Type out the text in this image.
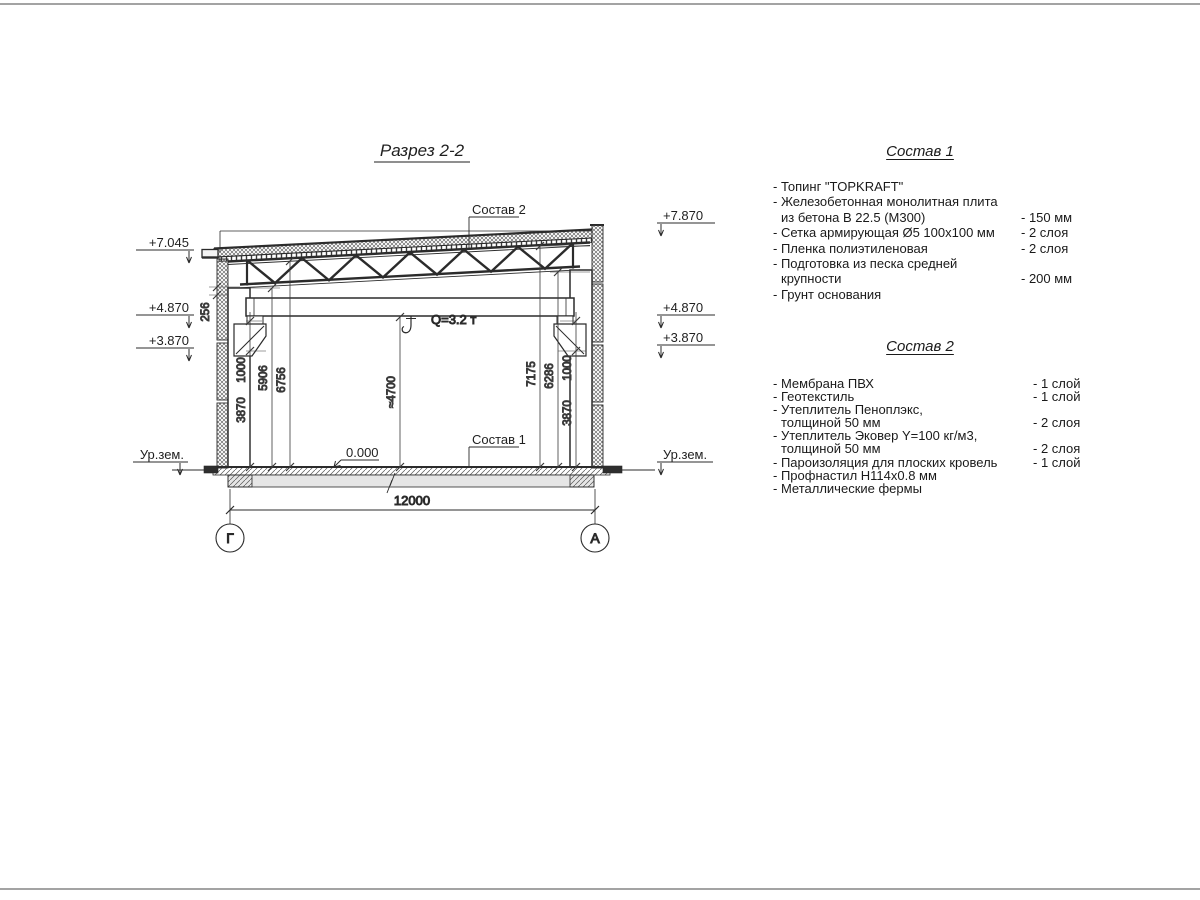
Разрез 2-2
Q=3.2 т
1000
3870
5906 6756	≈4700
7175 6286 1000
3870
256
12000
Г	А
+7.045
+4.870
+3.870
Ур.зем.
+7.870
+4.870
+3.870
Ур.зем.
Состав 2
Состав 1
0.000
Состав 1
- Топинг "TOPKRAFT"
- Железобетонная монолитная плита
из бетона В 22.5 (М300)	- 150 мм
- Сетка армирующая Ø5 100х100 мм	- 2 слоя
- Пленка полиэтиленовая	- 2 слоя
- Подготовка из песка средней
крупности	- 200 мм
- Грунт основания
Состав 2
- Мембрана ПВХ	- 1 слой
- Геотекстиль	- 1 слой
- Утеплитель Пеноплэкс,
толщиной 50 мм	- 2 слоя
- Утеплитель Эковер Y=100 кг/м3,
толщиной 50 мм	- 2 слоя
- Пароизоляция для плоских кровель	- 1 слой
- Профнастил Н114х0.8 мм
- Металлические фермы
